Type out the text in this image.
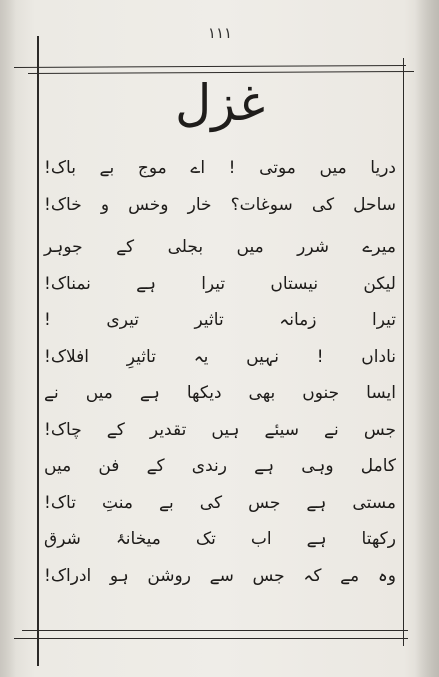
۱۱۱
غزل
دریا میں موتی ! اے موج بے باک!
ساحل کی سوغات؟ خار وخس و خاک!
میرے شرر میں بجلی کے جوہر
لیکن نیستاں تیرا ہے نمناک!
تیرا زمانہ تاثیر تیری !
ناداں ! نہیں یہ تاثیرِ افلاک!
ایسا جنوں بھی دیکھا ہے میں نے
جس نے سیئے ہیں تقدیر کے چاک!
کامل وہی ہے رندی کے فن میں
مستی ہے جس کی بے منتِ تاک!
رکھتا ہے اب تک میخانۂ شرق
وہ مے کہ جس سے روشن ہو ادراک!
